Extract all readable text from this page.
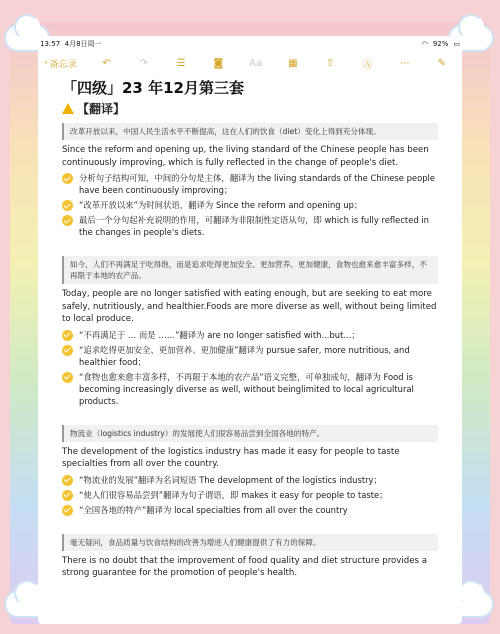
13:57 4月8日周一	◠ 92% ▭
‹ 备忘录	↶	↷	☰	◙	Aa	▦	⇧	Ⓐ	⋯	✎
「四级」23 年12月第三套
【翻译】
改革开放以来，中国人民生活水平不断提高，这在人们的饮食（diet）变化上得到充分体现。
Since the reform and opening up, the living standard of the Chinese people has been continuously improving, which is fully reflected in the change of people's diet.
分析句子结构可知，中间的分句是主体，翻译为 the living standards of the Chinese people have been continuously improving；
“改革开放以来”为时间状语，翻译为 Since the reform and opening up；
最后一个分句起补充说明的作用，可翻译为非限制性定语从句，即 which is fully reflected in the changes in people's diets.
如今，人们不再满足于吃得饱，而是追求吃得更加安全、更加营养、更加健康，食物也愈来愈丰富多样，不再限于本地的农产品。
Today, people are no longer satisfied with eating enough, but are seeking to eat more safely, nutritiously, and healthier.Foods are more diverse as well, without being limited to local produce.
“不再满足于 … 而是 ……”翻译为 are no longer satisfied with...but...；
“追求吃得更加安全、更加营养、更加健康”翻译为 pursue safer, more nutritious, and healthier food；
“食物也愈来愈丰富多样，不再限于本地的农产品”语义完整，可单独成句，翻译为 Food is becoming increasingly diverse as well, without beinglimited to local agricultural products.
物流业（logistics industry）的发展使人们很容易品尝到全国各地的特产。
The development of the logistics industry has made it easy for people to taste specialties from all over the country.
“物流业的发展”翻译为名词短语 The development of the logistics industry；
“使人们很容易品尝到”翻译为句子谓语，即 makes it easy for people to taste；
“全国各地的特产”翻译为 local specialties from all over the country
毫无疑问，食品质量与饮食结构的改善为增进人们健康提供了有力的保障。
There is no doubt that the improvement of food quality and diet structure provides a strong guarantee for the promotion of people's health.
